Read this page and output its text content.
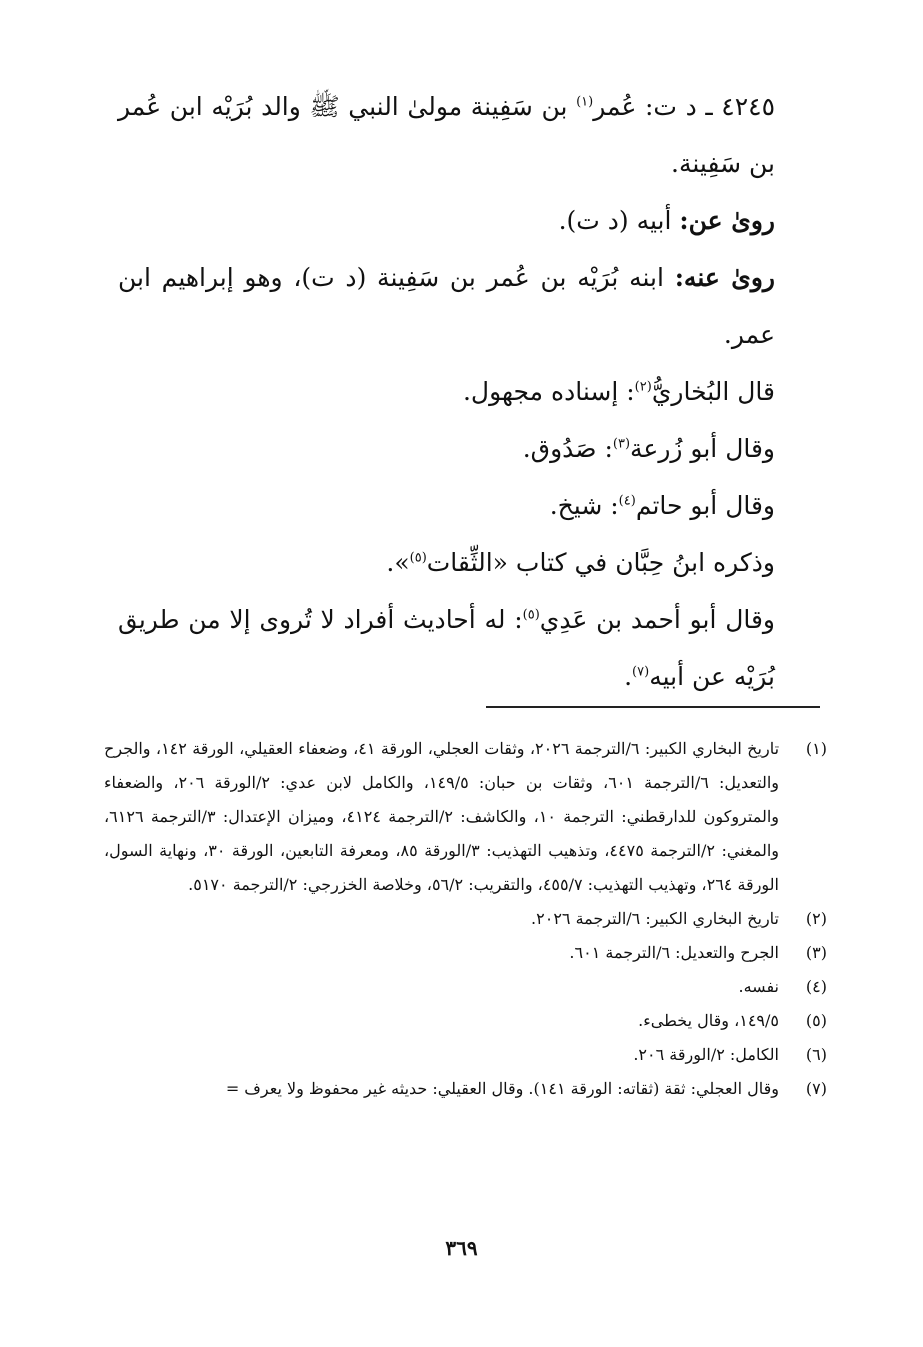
٤٢٤٥ ـ د ت: عُمر$^{(١)}$ بن سَفِينة مولىٰ النبي ﷺ والد بُرَيْه ابن عُمر بن سَفِينة.

روىٰ عن: أبيه (د ت).

روىٰ عنه: ابنه بُرَيْه بن عُمر بن سَفِينة (د ت)، وهو إبراهيم ابن عمر.

قال البُخاريُّ$^{(٢)}$: إسناده مجهول.

وقال أبو زُرعة$^{(٣)}$: صَدُوق.

وقال أبو حاتم$^{(٤)}$: شيخ.

وذكره ابنُ حِبَّان في كتاب «الثِّقات$^{(٥)}$».

وقال أبو أحمد بن عَدِي$^{(٥)}$: له أحاديث أفراد لا تُروى إلا من طريق بُرَيْه عن أبيه$^{(٧)}$.

(١)
تاريخ البخاري الكبير: ٦/الترجمة ٢٠٢٦، وثقات العجلي، الورقة ٤١، وضعفاء العقيلي، الورقة ١٤٢، والجرح والتعديل: ٦/الترجمة ٦٠١، وثقات بن حبان: ١٤٩/٥، والكامل لابن عدي: ٢/الورقة ٢٠٦، والضعفاء والمتروكون للدارقطني: الترجمة ١٠، والكاشف: ٢/الترجمة ٤١٢٤، وميزان الإعتدال: ٣/الترجمة ٦١٢٦، والمغني: ٢/الترجمة ٤٤٧٥، وتذهيب التهذيب: ٣/الورقة ٨٥، ومعرفة التابعين، الورقة ٣٠، ونهاية السول، الورقة ٢٦٤، وتهذيب التهذيب: ٤٥٥/٧، والتقريب: ٥٦/٢، وخلاصة الخزرجي: ٢/الترجمة ٥١٧٠.
(٢)
تاريخ البخاري الكبير: ٦/الترجمة ٢٠٢٦.
(٣)
الجرح والتعديل: ٦/الترجمة ٦٠١.
(٤)
نفسه.
(٥)
١٤٩/٥، وقال يخطىء.
(٦)
الكامل: ٢/الورقة ٢٠٦.
(٧)
وقال العجلي: ثقة (ثقاته: الورقة ١٤١). وقال العقيلي: حديثه غير محفوظ ولا يعرف =
٣٦٩
